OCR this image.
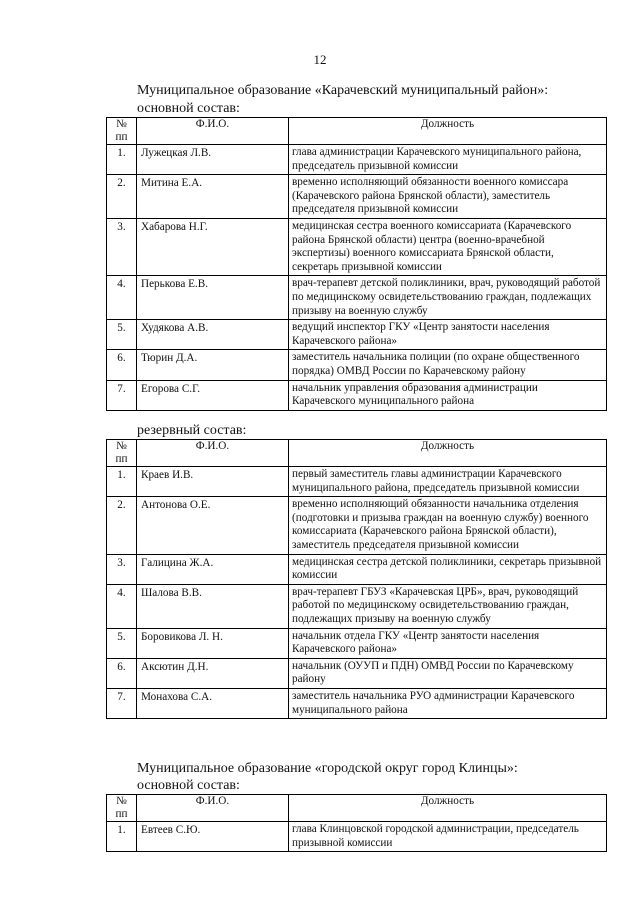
12
Муниципальное образование «Карачевский муниципальный район»:
основной состав:
№ пп	Ф.И.О.	Должность
1.	Лужецкая Л.В.	глава администрации Карачевского муниципального района, председатель призывной комиссии
2.	Митина Е.А.	временно исполняющий обязанности военного комиссара (Карачевского района Брянской области), заместитель председателя призывной комиссии
3.	Хабарова Н.Г.	медицинская сестра военного комиссариата (Карачевского района Брянской области) центра (военно-врачебной экспертизы) военного комиссариата Брянской области, секретарь призывной комиссии
4.	Перькова Е.В.	врач-терапевт детской поликлиники, врач, руководящий работой по медицинскому освидетельствованию граждан, подлежащих призыву на военную службу
5.	Худякова А.В.	ведущий инспектор ГКУ «Центр занятости населения Карачевского района»
6.	Тюрин Д.А.	заместитель начальника полиции (по охране общественного порядка) ОМВД России по Карачевскому району
7.	Егорова С.Г.	начальник управления образования администрации Карачевского муниципального района
резервный состав:
№ пп	Ф.И.О.	Должность
1.	Краев И.В.	первый заместитель главы администрации Карачевского муниципального района, председатель призывной комиссии
2.	Антонова О.Е.	временно исполняющий обязанности начальника отделения (подготовки и призыва граждан на военную службу) военного комиссариата (Карачевского района Брянской области), заместитель председателя призывной комиссии
3.	Галицина Ж.А.	медицинская сестра детской поликлиники, секретарь призывной комиссии
4.	Шалова В.В.	врач-терапевт ГБУЗ «Карачевская ЦРБ», врач, руководящий работой по медицинскому освидетельствованию граждан, подлежащих призыву на военную службу
5.	Боровикова Л. Н.	начальник отдела ГКУ «Центр занятости населения Карачевского района»
6.	Аксютин Д.Н.	начальник (ОУУП и ПДН) ОМВД России по Карачевскому району
7.	Монахова С.А.	заместитель начальника РУО администрации Карачевского муниципального района
Муниципальное образование «городской округ город Клинцы»:
основной состав:
№ пп	Ф.И.О.	Должность
1.	Евтеев С.Ю.	глава Клинцовской городской администрации, председатель призывной комиссии
